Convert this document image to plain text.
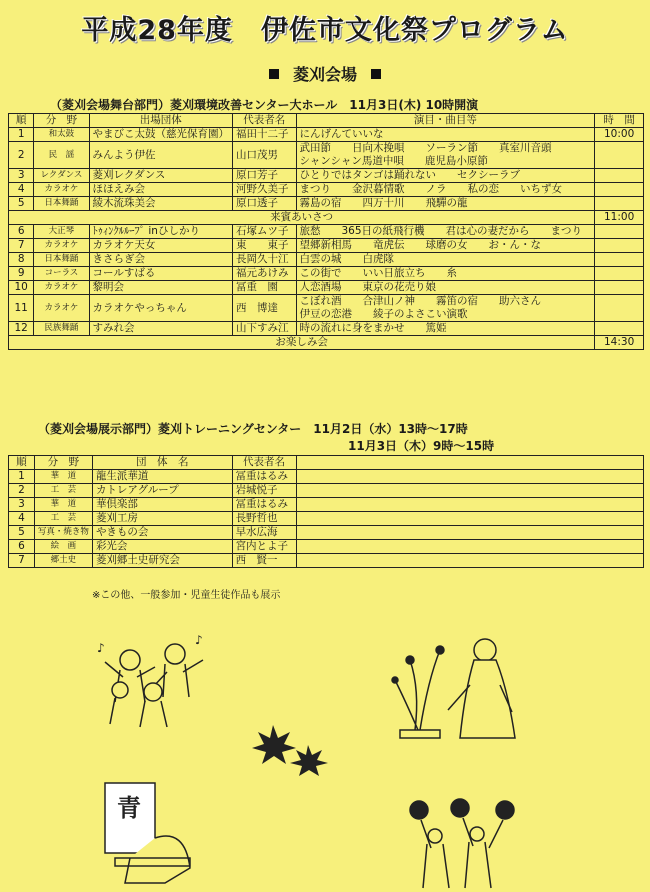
平成28年度　伊佐市文化祭プログラム
菱刈会場
（菱刈会場舞台部門）菱刈環境改善センター大ホール　11月3日(木) 10時開演
順	分　野	出場団体	代表者名	演目・曲目等	時　間
1	和太鼓	やまびこ太鼓（慈光保育園）	福田十二子	にんげんていいな	10:00
2	民　謡	みんよう伊佐	山口茂男	武田節　　日向木挽唄　　ソーラン節　　真室川音頭
シャンシャン馬道中唄　　鹿児島小原節	

3	レクダンス	菱刈レクダンス	原口芳子	ひとりではタンゴは踊れない　　セクシーラブ	
4	カラオケ	ほほえみ会	河野久美子	まつり　　金沢暮情歌　　ノラ　　私の恋　　いちず女	
5	日本舞踊	綾木流珠美会	原口透子	霧島の宿　　四万十川　　飛驒の龍	
来賓あいさつ					11:00
6	大正琴	ﾄｩｨﾝｸﾙﾙｰﾌﾟ inひしかり	石塚ムツ子	旅愁　　365日の紙飛行機　　君は心の妻だから　　まつり	
7	カラオケ	カラオケ天女	東　　東子	望郷新相馬　　竜虎伝　　球磨の女　　お・ん・な	
8	日本舞踊	きさらぎ会	長岡久十江	白雲の城　　白虎隊	
9	コーラス	コールすばる	福元あけみ	この街で　　いい日旅立ち　　糸	
10	カラオケ	黎明会	冨重　園	人恋酒場　　東京の花売り娘	
11	カラオケ	カラオケやっちゃん	西　博達	こぼれ酒　　合津山ノ神　　霧笛の宿　　助六さん
伊豆の恋港　　綾子のよさこい演歌	

12	民族舞踊	すみれ会	山下すみ江	時の流れに身をまかせ　　篤姫	
お楽しみ会					14:30
（菱刈会場展示部門）菱刈トレーニングセンター　11月2日（水）13時～17時
11月3日（木）9時～15時
順	分　野	団　体　名	代表者名	
1	華　道	龍生派華道	冨重はるみ	
2	工　芸	カトレアグループ	岩城悦子	
3	華　道	華倶楽部	冨重はるみ	
4	工　芸	菱刈工房	長野哲也	
5	写真・焼き物	やきもの会	早水広海	
6	絵　画	彩光会	宮内とよ子	
7	郷土史	菱刈郷土史研究会	西　賢一	
※この他、一般参加・児童生徒作品も展示
♪
♪
青
